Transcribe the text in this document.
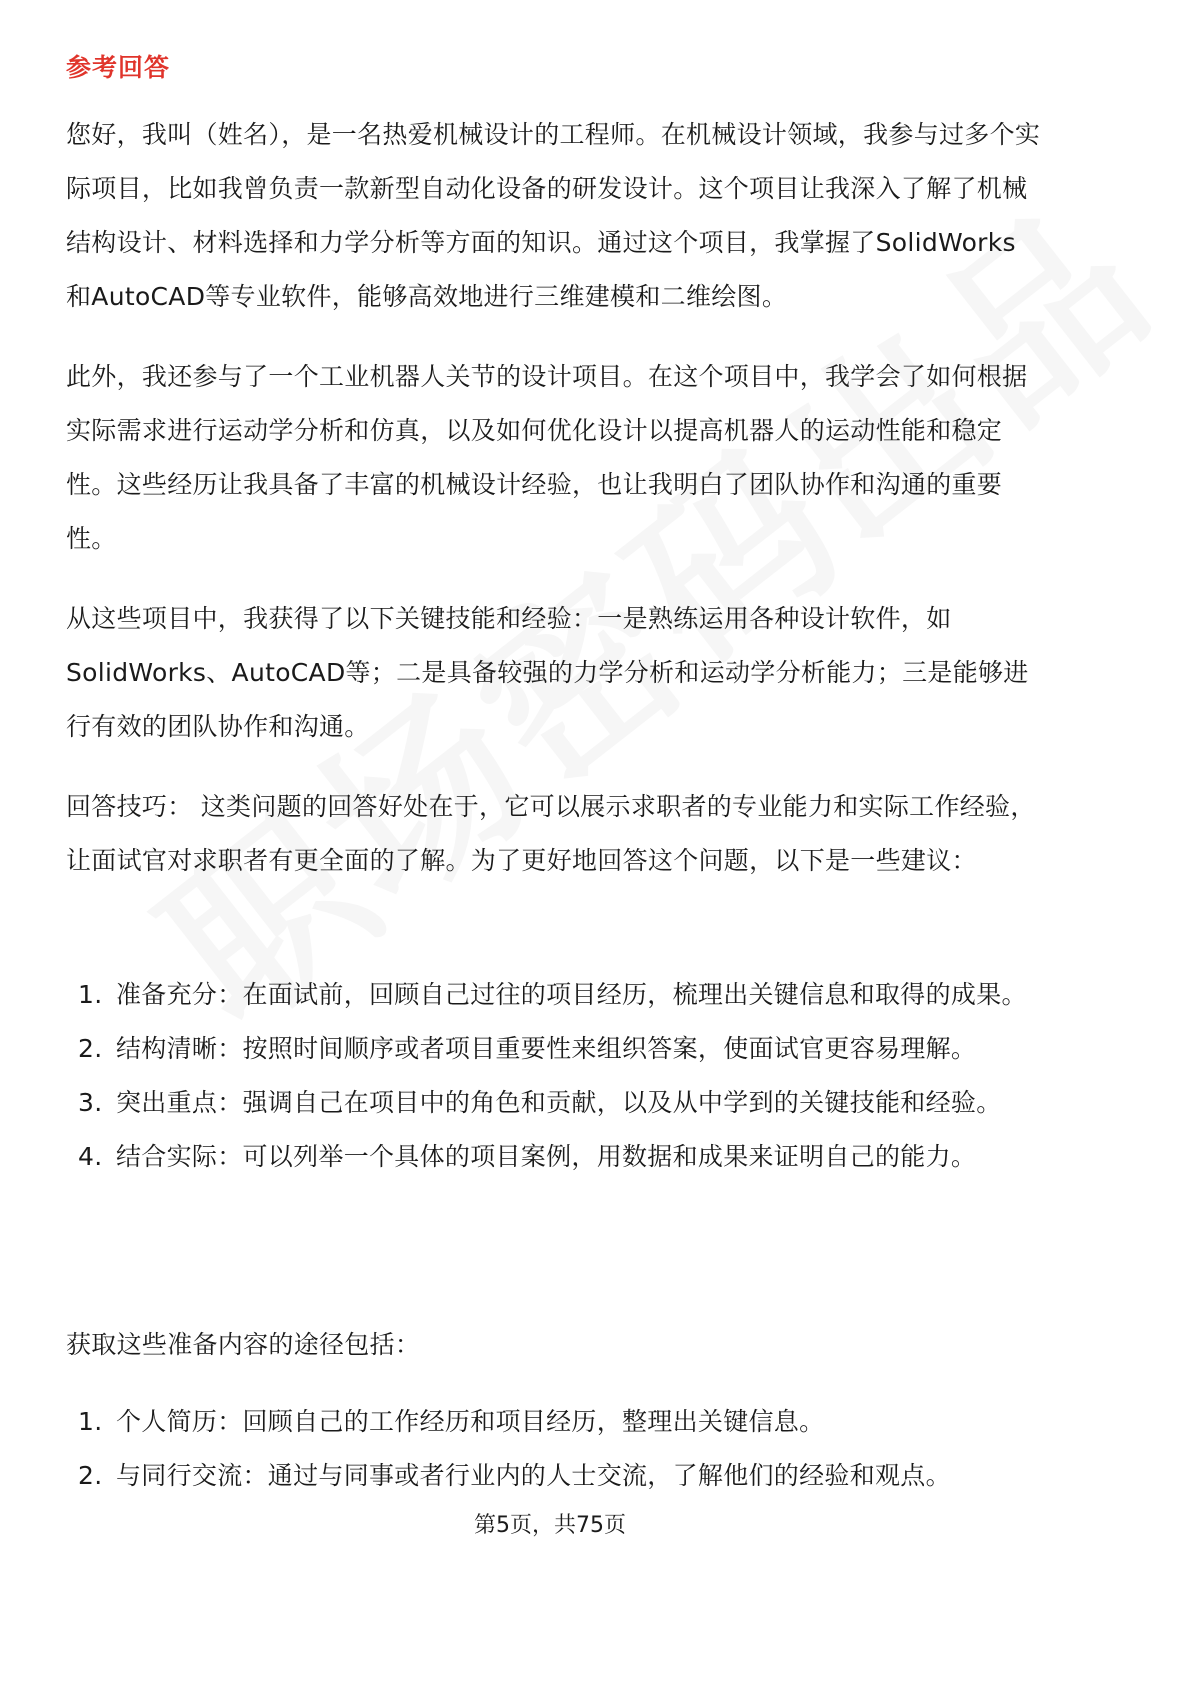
参考回答

您好，我叫（姓名），是一名热爱机械设计的工程师。在机械设计领域，我参与过多个实际项目，比如我曾负责一款新型自动化设备的研发设计。这个项目让我深入了解了机械结构设计、材料选择和力学分析等方面的知识。通过这个项目，我掌握了SolidWorks和AutoCAD等专业软件，能够高效地进行三维建模和二维绘图。

此外，我还参与了一个工业机器人关节的设计项目。在这个项目中，我学会了如何根据实际需求进行运动学分析和仿真，以及如何优化设计以提高机器人的运动性能和稳定性。这些经历让我具备了丰富的机械设计经验，也让我明白了团队协作和沟通的重要性。

从这些项目中，我获得了以下关键技能和经验：一是熟练运用各种设计软件，如SolidWorks、AutoCAD等；二是具备较强的力学分析和运动学分析能力；三是能够进行有效的团队协作和沟通。

回答技巧： 这类问题的回答好处在于，它可以展示求职者的专业能力和实际工作经验，让面试官对求职者有更全面的了解。为了更好地回答这个问题，以下是一些建议：

1. 准备充分：在面试前，回顾自己过往的项目经历，梳理出关键信息和取得的成果。
2. 结构清晰：按照时间顺序或者项目重要性来组织答案，使面试官更容易理解。
3. 突出重点：强调自己在项目中的角色和贡献，以及从中学到的关键技能和经验。
4. 结合实际：可以列举一个具体的项目案例，用数据和成果来证明自己的能力。

获取这些准备内容的途径包括：

1. 个人简历：回顾自己的工作经历和项目经历，整理出关键信息。
2. 与同行交流：通过与同事或者行业内的人士交流，了解他们的经验和观点。
第5页，共75页
